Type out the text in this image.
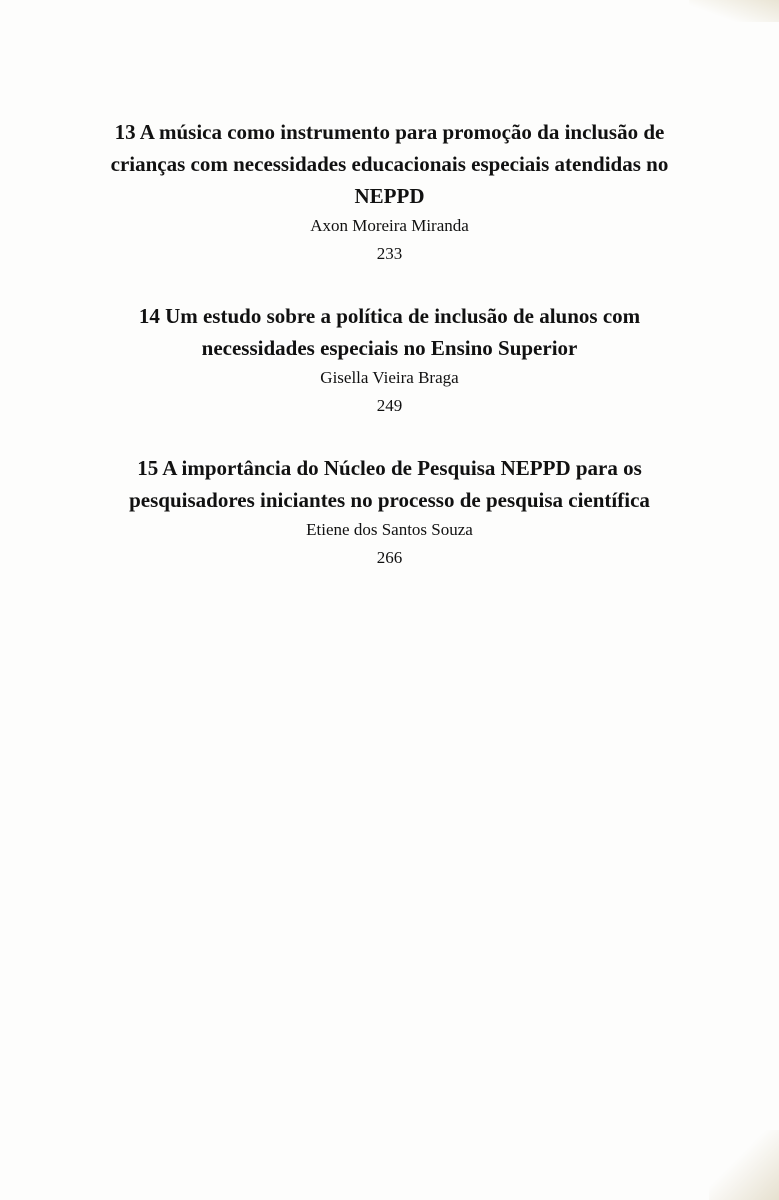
13 A música como instrumento para promoção da inclusão de crianças com necessidades educacionais especiais atendidas no NEPPD
Axon Moreira Miranda
233
14 Um estudo sobre a política de inclusão de alunos com necessidades especiais no Ensino Superior
Gisella Vieira Braga
249
15 A importância do Núcleo de Pesquisa NEPPD para os pesquisadores iniciantes no processo de pesquisa científica
Etiene dos Santos Souza
266
